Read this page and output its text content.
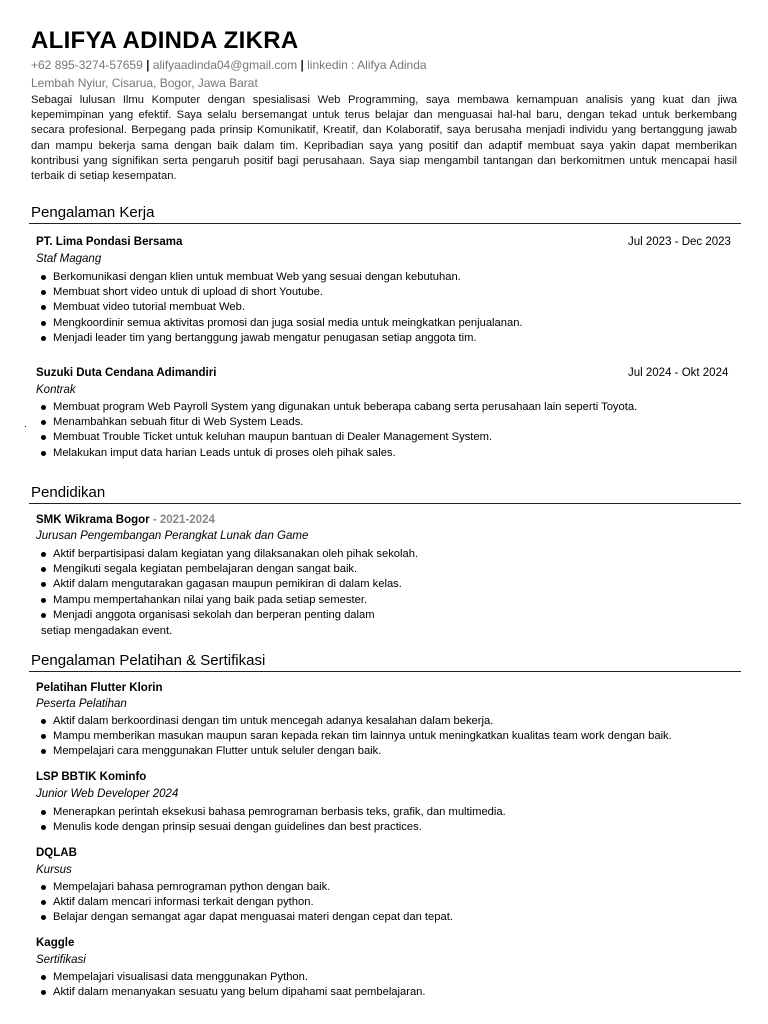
ALIFYA ADINDA ZIKRA
+62 895-3274-57659 | alifyaadinda04@gmail.com | linkedin : Alifya Adinda
Lembah Nyiur, Cisarua, Bogor, Jawa Barat
Sebagai lulusan Ilmu Komputer dengan spesialisasi Web Programming, saya membawa kemampuan analisis yang kuat dan jiwa kepemimpinan yang efektif. Saya selalu bersemangat untuk terus belajar dan menguasai hal-hal baru, dengan tekad untuk berkembang secara profesional. Berpegang pada prinsip Komunikatif, Kreatif, dan Kolaboratif, saya berusaha menjadi individu yang bertanggung jawab dan mampu bekerja sama dengan baik dalam tim. Kepribadian saya yang positif dan adaptif membuat saya yakin dapat memberikan kontribusi yang signifikan serta pengaruh positif bagi perusahaan. Saya siap mengambil tantangan dan berkomitmen untuk mencapai hasil terbaik di setiap kesempatan.
Pengalaman Kerja
PT. Lima Pondasi Bersama	Jul 2023 - Dec 2023
Staf Magang
Berkomunikasi dengan klien untuk membuat Web yang sesuai dengan kebutuhan.
Membuat short video untuk di upload di short Youtube.
Membuat video tutorial membuat Web.
Mengkoordinir semua aktivitas promosi dan juga sosial media untuk meingkatkan penjualanan.
Menjadi leader tim yang bertanggung jawab mengatur penugasan setiap anggota tim.
Suzuki Duta Cendana Adimandiri	Jul 2024 - Okt 2024
Kontrak
Membuat program Web Payroll System yang digunakan untuk beberapa cabang serta perusahaan lain seperti Toyota.
Menambahkan sebuah fitur di Web System Leads.
Membuat Trouble Ticket untuk keluhan maupun bantuan di Dealer Management System.
Melakukan imput data harian Leads untuk di proses oleh pihak sales.
.
Pendidikan
SMK Wikrama Bogor - 2021-2024
Jurusan Pengembangan Perangkat Lunak dan Game
Aktif berpartisipasi dalam kegiatan yang dilaksanakan oleh pihak sekolah.
Mengikuti segala kegiatan pembelajaran dengan sangat baik.
Aktif dalam mengutarakan gagasan maupun pemikiran di dalam kelas.
Mampu mempertahankan nilai yang baik pada setiap semester.
Menjadi anggota organisasi sekolah dan berperan penting dalam
setiap mengadakan event.
Pengalaman Pelatihan & Sertifikasi
Pelatihan Flutter Klorin
Peserta Pelatihan
Aktif dalam berkoordinasi dengan tim untuk mencegah adanya kesalahan dalam bekerja.
Mampu memberikan masukan maupun saran kepada rekan tim lainnya untuk meningkatkan kualitas team work dengan baik.
Mempelajari cara menggunakan Flutter untuk seluler dengan baik.
LSP BBTIK Kominfo
Junior Web Developer 2024
Menerapkan perintah eksekusi bahasa pemrograman berbasis teks, grafik, dan multimedia.
Menulis kode dengan prinsip sesuai dengan guidelines dan best practices.
DQLAB
Kursus
Mempelajari bahasa pemrograman python dengan baik.
Aktif dalam mencari informasi terkait dengan python.
Belajar dengan semangat agar dapat menguasai materi dengan cepat dan tepat.
Kaggle
Sertifikasi
Mempelajari visualisasi data menggunakan Python.
Aktif dalam menanyakan sesuatu yang belum dipahami saat pembelajaran.
